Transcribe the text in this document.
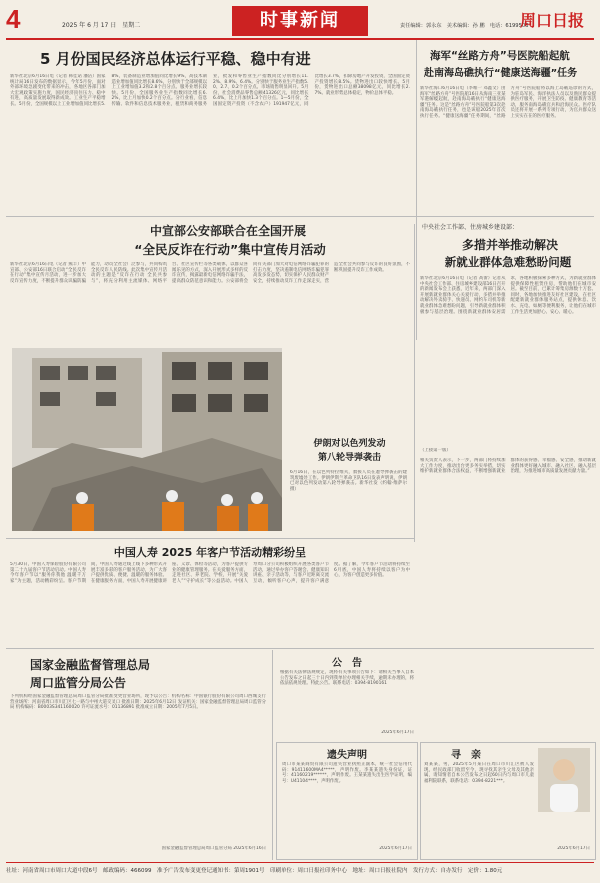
4	2025 年 6 月 17 日　星期二	时事新闻	责任编辑：郭永东　美术编辑：孙 鹏　电话：6199503
周口日报
5 月份国民经济总体运行平稳、稳中有进
新华社北京6月16日电（记者 韩佳诺 潘洁）国家统计局16日发布的数据显示，今年5月份，面对外部环境急剧变化带来的冲击，各地区各部门加大宏观政策实施力度，国民经济顶住压力、稳中有进，高质量发展取得新成效。工业生产平稳增长。5月份，全国规模以上工业增加值同比增长5.8%，装备制造业增加值同比增长9%，高技术制造业增加值同比增长8.6%，分别快于全部规模以上工业增加值3.2和2.8个百分点。服务业增长较快。5月份，全国服务业生产指数同比增长6.2%，比上月加快0.2个百分点。分行业看，信息传输、软件和信息技术服务业，租赁和商务服务业，批发和零售业生产指数同比分别增长11.2%、8.9%、6.4%。分别快于服务业生产指数5.0、2.7、0.2个百分点。市场销售明显回升。5月份，社会消费品零售总额41326亿元，同比增长6.4%，比上月加快1.3个百分点。1—5月份，全国固定资产投资（不含农户）191947亿元，同比增长3.7%，扣除房地产开发投资，全国固定资产投资增长8.5%。货物进出口较快增长。5月份，货物进出口总额38098亿元，同比增长2.7%。就业形势总体稳定，物价总体平稳。
海军“丝路方舟”号医院船起航
赴南海岛礁执行“健康送海疆”任务
新华社海口6月16日电（李唯一 邓鑫文）由海军“丝路方舟”号医院船16日从海南三亚某军港解缆起航，赴南海岛礁执行“健康送海疆”任务。这是“丝路方舟”号医院船第3次赴南海岛礁执行任务，也是该船2025年首次执行任务。“健康送海疆”任务期间，“丝路方舟”号医院船将以海上岛礁巡诊的方式，为驻岛军民、海洋执法人员以及渔民群众提供医疗服务，开展卫生防疫、健康教育等活动，服务南海岛礁官兵和沿海民众。医疗队员还将开展一系列专项行动，为官兵群众送上实实在在的医疗服务。
中宣部公安部联合在全国开展
“全民反诈在行动”集中宣传月活动
新华社北京6月16日电（记者 熊丰）中宣部、公安部16日联合启动“全民反诈在行动”集中宣传月活动，进一步加大反诈宣传力度，不断提升群众识骗防骗能力，动员全社会广泛参与，共同构筑全民反诈人民防线。此次集中宣传月活动的主题是“反诈在行动 全民共参与”，将充分利用主流媒体、网络平台、社区宣传栏等各类载体，以群众喜闻乐见的方式，深入开展形式多样的反诈宣传，揭露最新电信网络诈骗手法，提高群众防范意识和能力。公安部将会同有关部门加大对电信网络诈骗犯罪的打击力度，坚决遏制电信网络诈骗犯罪高发多发态势，切实保护人民群众财产安全，持续推动反诈工作走深走实，营造全社会共同参与反诈的良好氛围，不断巩固提升反诈工作成效。
伊朗对以色列发动
第八轮导弹袭击
6月16日，在以色列特拉维夫，救援人员在遭导弹袭击的建筑废墟处工作。伊朗伊斯兰革命卫队16日发表声明说，伊朗已对以色列发动第八轮导弹袭击。新华社发（约翰·维萨尔摄）
中央社会工作部、住房城乡建设部：
多措并举推动解决
新就业群体急难愁盼问题
新华社北京6月16日电（记者 高蕾）记者从中央社会工作部、住房城乡建设部16日召开的新闻发布会上获悉，近年来，两部门深入开展新就业群体关心关爱行动，多措并举推动解决外卖骑手、快递员、网约车司机等新就业群体急难愁盼问题，引导新就业群体积极参与基层治理。围绕新就业群体安居需求，各地积极探索多种方式，为新就业群体提供保障性租赁住房，帮助他们在城市安居。截至目前，已累计筹集房源数十万套。同时，各地加快推进友好社区建设，在社区配建新就业群体服务站点，提供休息、饮水、充电、如厕等便利服务，让他们在城市工作生活更加舒心、安心、暖心。
（上接第一版）
相关负责人表示，下一步，两部门将持续加大工作力度，推动出台更多务实举措，切实维护新就业群体合法权益，不断增强新就业群体的获得感、幸福感、安全感，推动新就业群体更好融入城市、融入社区、融入基层治理，为推进城市高质量发展贡献力量。”
中国人寿 2025 年客户节活动精彩纷呈
5月30日，中国人寿保险股份有限公司第二十九届客户节活动启动。中国人寿今年客户节以“服务你我他 温暖千万家”为主题，活动精彩纷呈。客户节期间，中国人寿通过线上线下多种形式开展丰富多彩的客户服务活动，为广大客户提供优质、便捷、温暖的服务体验。在健康服务方面，中国人寿开展健康讲座、义诊、体检等活动，为客户提供专业的健康管理服务。在关爱服务方面，走进社区、养老院、学校，开展“关爱老人”“守护成长”等公益活动。中国人寿周口分公司积极组织开展各类客户节活动，通过举办客户答谢会、健康知识讲座、亲子活动等，与客户近距离交流互动，倾听客户心声，提升客户满意度。据了解，今年客户节活动将持续至6月底，中国人寿将持续以客户为中心，为客户创造更多价值。
国家金融监督管理总局
周口监管分局公告
下列机构经国家金融监督管理总局周口监管分局批准变更营业场所，现予以公告：机构名称：中国银行股份有限公司周口西城支行 营业场所：河南省周口市川汇区七一路与中州大道交叉口 批准日期：2025年6月12日 发证机关：国家金融监督管理总局周口监管分局 机构编码：B0003S341160020 许可证流水号：01136891 批准成立日期：2005年7月5日。
国家金融监督管理总局周口监管分局 2025年6月16日
公　告
根据有关法律法规规定，现将有关事项公告如下：请相关当事人自本公告发布之日起三十日内到我单位办理相关手续，逾期未办理的，将依法依规处理。特此公告。联系电话：0394-8190161
2025年6月17日
遗失声明
周口市某某商贸有限公司遗失营业执照正副本，统一社会信用代码：91411600MA4*****，声明作废。李某某遗失身份证，证号：41160219******，声明作废。王某某遗失出生医学证明，编号：U41104****，声明作废。
2025年6月17日
寻　亲
刘某某，男，2025年5月某日在周口市川汇区被人发现，经民政部门收留至今，现寻找其亲生父母及其他亲属，请知情者自本公告发布之日起60日内与周口市儿童福利院联系，联系电话：0394-8221***。
2025年6月17日
社址：河南省周口市周口大道中段6号　邮政编码：466099　准予广告发布变更登记通知书：第周1901号　印刷单位：周口日报社印务中心　地址：周口日报社院内　发行方式：自办发行　定价：1.80元
